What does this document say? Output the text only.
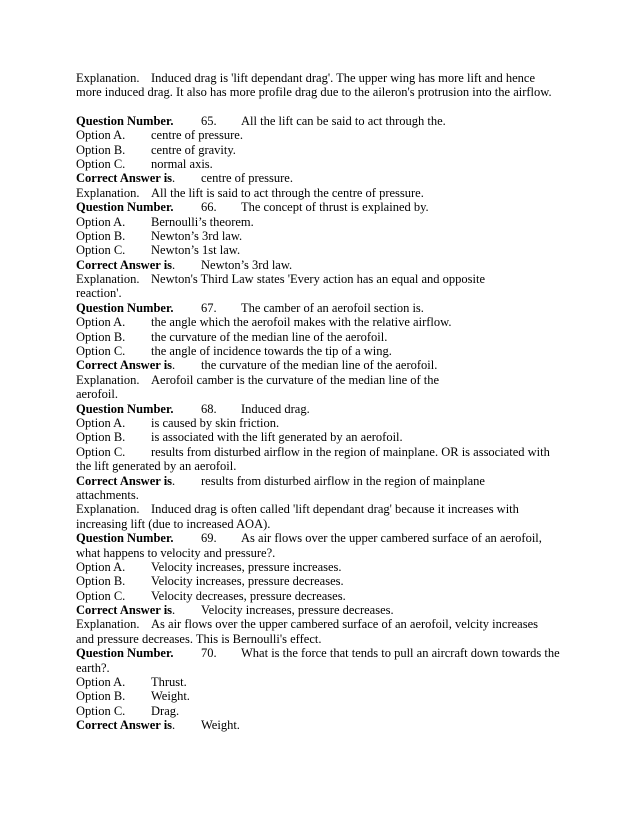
Explanation. Induced drag is 'lift dependant drag'. The upper wing has more lift and hence
more induced drag. It also has more profile drag due to the aileron's protrusion into the airflow.
Question Number. 65. All the lift can be said to act through the.
Option A. centre of pressure.
Option B. centre of gravity.
Option C. normal axis.
Correct Answer is. centre of pressure.
Explanation. All the lift is said to act through the centre of pressure.
Question Number. 66. The concept of thrust is explained by.
Option A. Bernoulli’s theorem.
Option B. Newton’s 3rd law.
Option C. Newton’s 1st law.
Correct Answer is. Newton’s 3rd law.
Explanation. Newton's Third Law states 'Every action has an equal and opposite
reaction'.
Question Number. 67. The camber of an aerofoil section is.
Option A. the angle which the aerofoil makes with the relative airflow.
Option B. the curvature of the median line of the aerofoil.
Option C. the angle of incidence towards the tip of a wing.
Correct Answer is. the curvature of the median line of the aerofoil.
Explanation. Aerofoil camber is the curvature of the median line of the
aerofoil.
Question Number. 68. Induced drag.
Option A. is caused by skin friction.
Option B. is associated with the lift generated by an aerofoil.
Option C. results from disturbed airflow in the region of mainplane. OR is associated with
the lift generated by an aerofoil.
Correct Answer is. results from disturbed airflow in the region of mainplane
attachments.
Explanation. Induced drag is often called 'lift dependant drag' because it increases with
increasing lift (due to increased AOA).
Question Number. 69. As air flows over the upper cambered surface of an aerofoil,
what happens to velocity and pressure?.
Option A. Velocity increases, pressure increases.
Option B. Velocity increases, pressure decreases.
Option C. Velocity decreases, pressure decreases.
Correct Answer is. Velocity increases, pressure decreases.
Explanation. As air flows over the upper cambered surface of an aerofoil, velcity increases
and pressure decreases. This is Bernoulli's effect.
Question Number. 70. What is the force that tends to pull an aircraft down towards the
earth?.
Option A. Thrust.
Option B. Weight.
Option C. Drag.
Correct Answer is. Weight.
